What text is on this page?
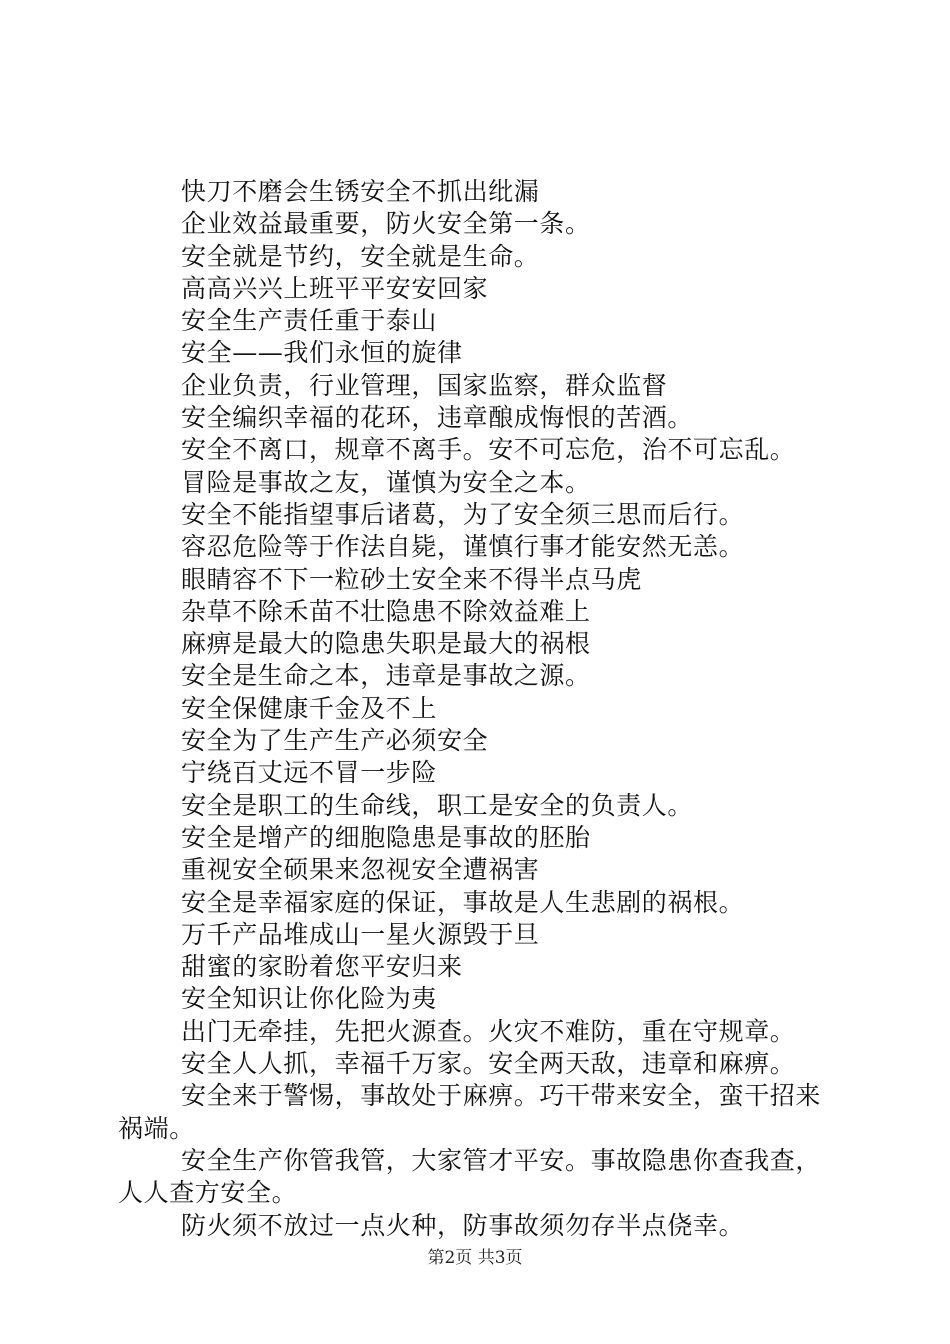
快刀不磨会生锈安全不抓出纰漏
企业效益最重要，防火安全第一条。
安全就是节约，安全就是生命。
高高兴兴上班平平安安回家
安全生产责任重于泰山
安全——我们永恒的旋律
企业负责，行业管理，国家监察，群众监督
安全编织幸福的花环，违章酿成悔恨的苦酒。
安全不离口，规章不离手。安不可忘危，治不可忘乱。
冒险是事故之友，谨慎为安全之本。
安全不能指望事后诸葛，为了安全须三思而后行。
容忍危险等于作法自毙，谨慎行事才能安然无恙。
眼睛容不下一粒砂土安全来不得半点马虎
杂草不除禾苗不壮隐患不除效益难上
麻痹是最大的隐患失职是最大的祸根
安全是生命之本，违章是事故之源。
安全保健康千金及不上
安全为了生产生产必须安全
宁绕百丈远不冒一步险
安全是职工的生命线，职工是安全的负责人。
安全是增产的细胞隐患是事故的胚胎
重视安全硕果来忽视安全遭祸害
安全是幸福家庭的保证，事故是人生悲剧的祸根。
万千产品堆成山一星火源毁于旦
甜蜜的家盼着您平安归来
安全知识让你化险为夷
出门无牵挂，先把火源查。火灾不难防，重在守规章。
安全人人抓，幸福千万家。安全两天敌，违章和麻痹。
安全来于警惕，事故处于麻痹。巧干带来安全，蛮干招来祸端。
安全生产你管我管，大家管才平安。事故隐患你查我查，人人查方安全。
防火须不放过一点火种，防事故须勿存半点侥幸。
第2页 共3页
